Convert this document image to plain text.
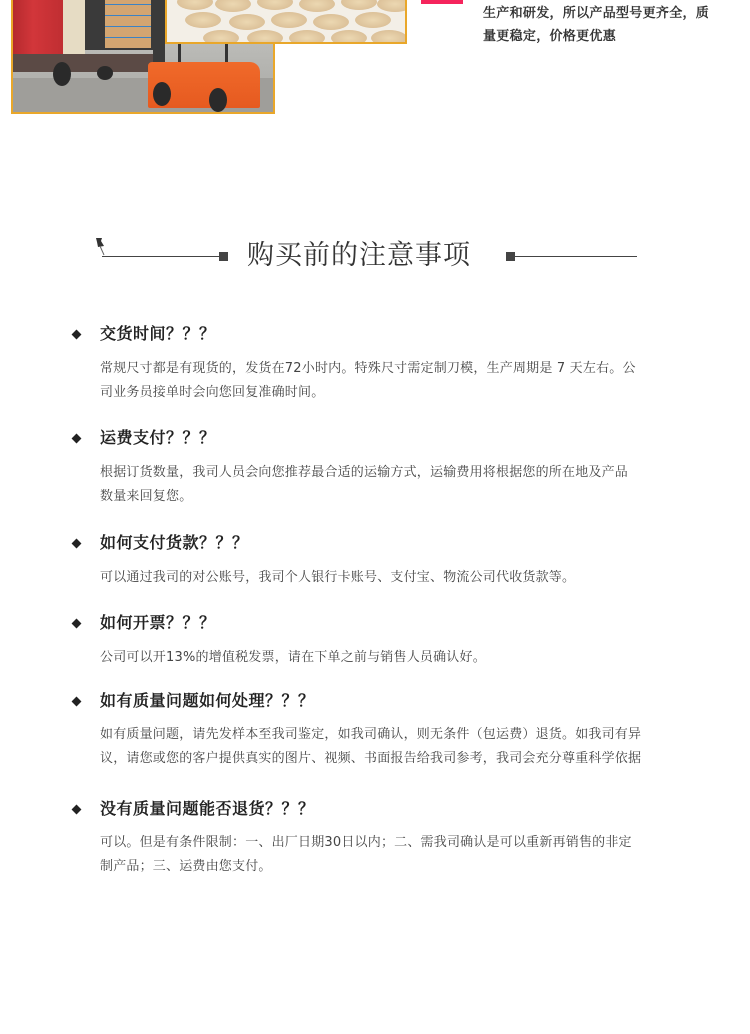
生产和研发，所以产品型号更齐全，质
量更稳定，价格更优惠
购买前的注意事项
交货时间？？？
常规尺寸都是有现货的，发货在72小时内。特殊尺寸需定制刀模，生产周期是 7 天左右。公
司业务员接单时会向您回复准确时间。
运费支付？？？
根据订货数量，我司人员会向您推荐最合适的运输方式，运输费用将根据您的所在地及产品
数量来回复您。
如何支付货款？？？
可以通过我司的对公账号，我司个人银行卡账号、支付宝、物流公司代收货款等。
如何开票？？？
公司可以开13%的增值税发票，请在下单之前与销售人员确认好。
如有质量问题如何处理？？？
如有质量问题，请先发样本至我司鉴定，如我司确认，则无条件（包运费）退货。如我司有异
议，请您或您的客户提供真实的图片、视频、书面报告给我司参考，我司会充分尊重科学依据
没有质量问题能否退货？？？
可以。但是有条件限制：一、出厂日期30日以内；二、需我司确认是可以重新再销售的非定
制产品；三、运费由您支付。
